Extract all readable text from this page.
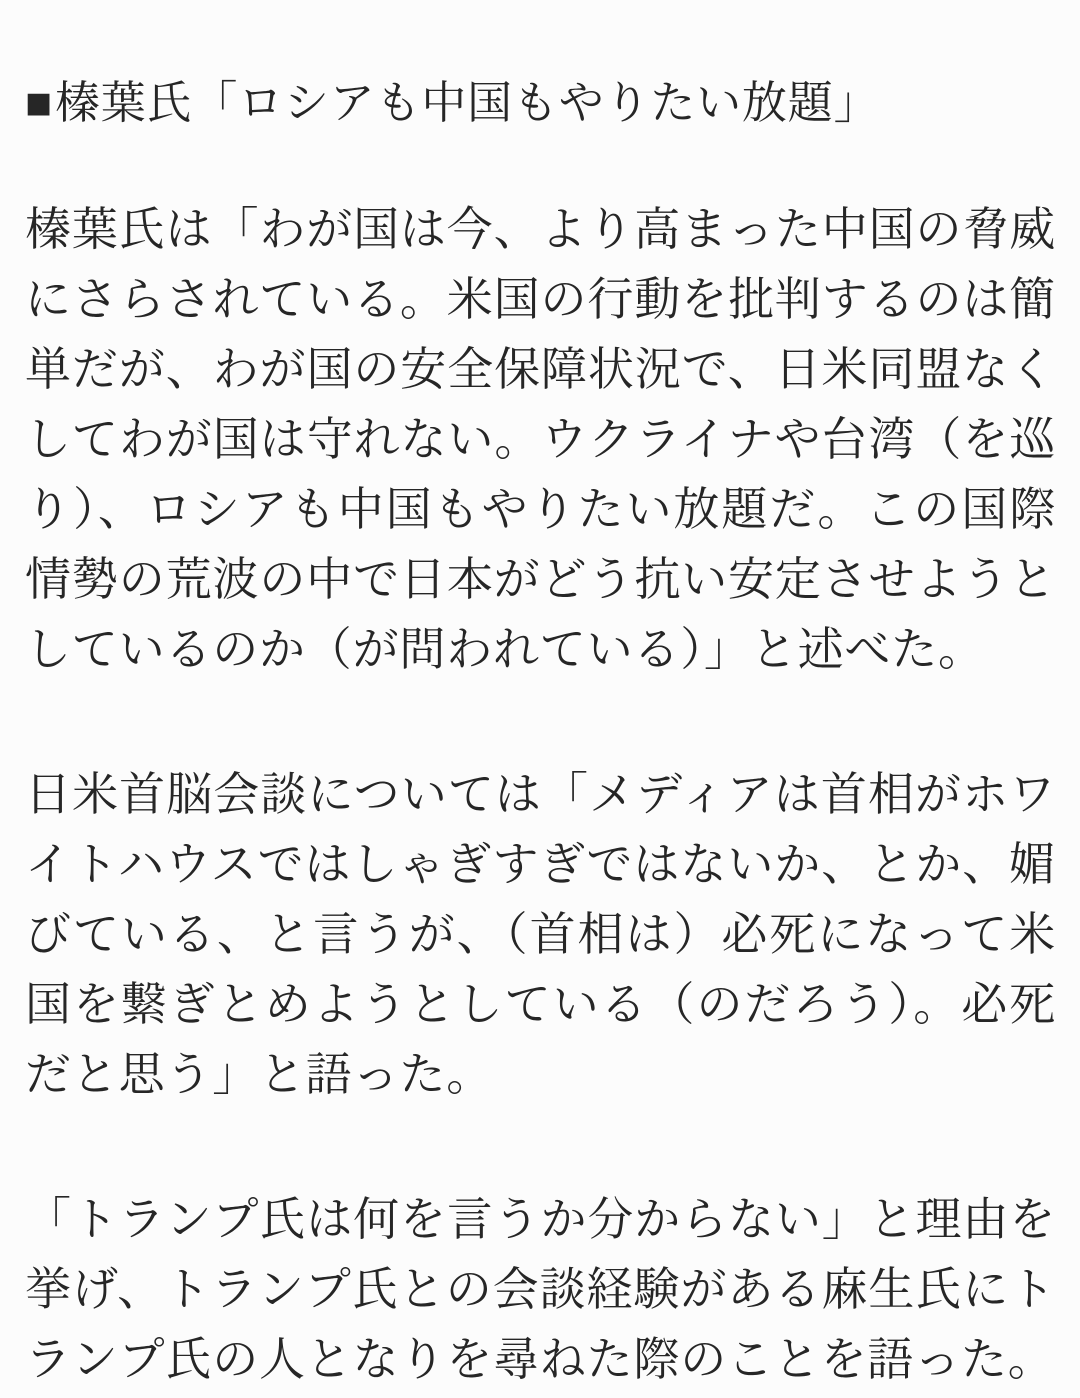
■榛葉氏「ロシアも中国もやりたい放題」

榛葉氏は「わが国は今、より高まった中国の脅威にさらされている。米国の行動を批判するのは簡単だが、わが国の安全保障状況で、日米同盟なくしてわが国は守れない。ウクライナや台湾（を巡り）、ロシアも中国もやりたい放題だ。この国際情勢の荒波の中で日本がどう抗い安定させようとしているのか（が問われている）」と述べた。

日米首脳会談については「メディアは首相がホワイトハウスではしゃぎすぎではないか、とか、媚びている、と言うが、（首相は）必死になって米国を繋ぎとめようとしている（のだろう）。必死だと思う」と語った。

「トランプ氏は何を言うか分からない」と理由を挙げ、トランプ氏との会談経験がある麻生氏にトランプ氏の人となりを尋ねた際のことを語った。
